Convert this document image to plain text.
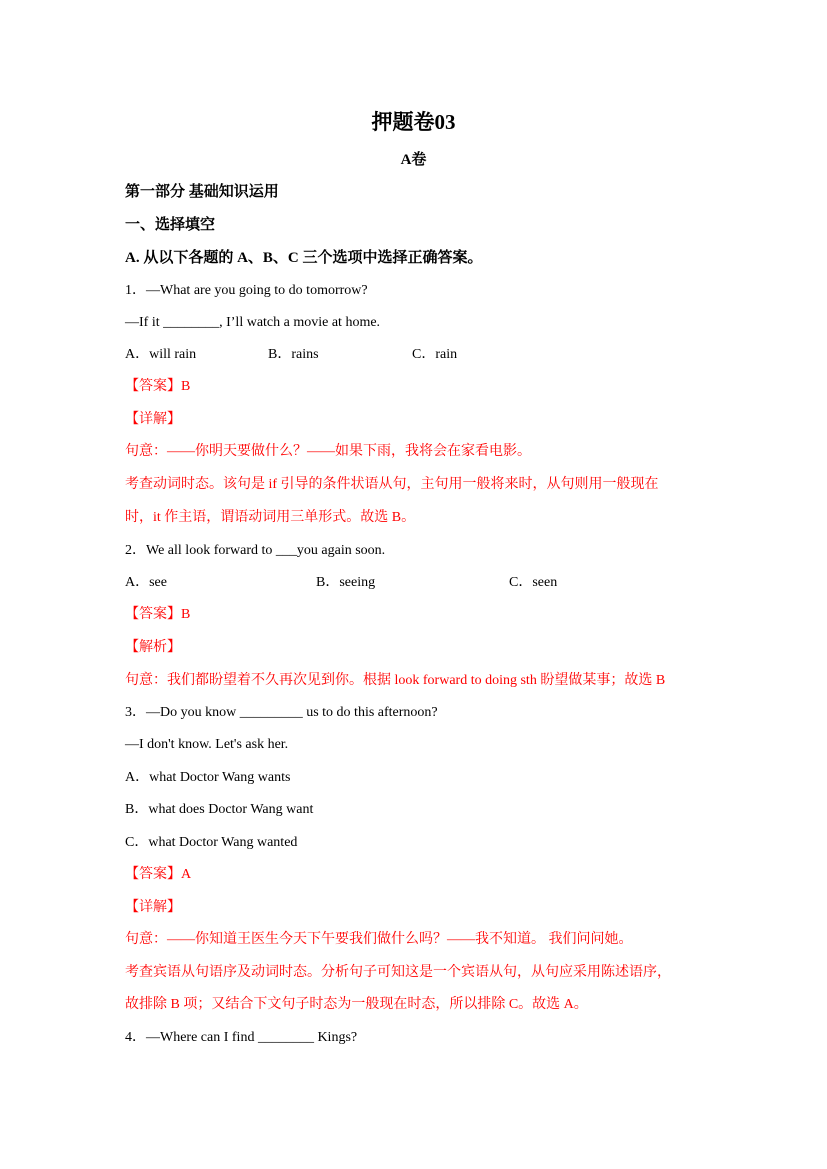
押题卷03
A卷
第一部分 基础知识运用
一、选择填空
A. 从以下各题的 A、B、C 三个选项中选择正确答案。
1．—What are you going to do tomorrow?
—If it ________, I’ll watch a movie at home.
A．will rain	B．rains	C．rain
【答案】B
【详解】
句意：——你明天要做什么？——如果下雨，我将会在家看电影。
考查动词时态。该句是 if 引导的条件状语从句，主句用一般将来时，从句则用一般现在
时，it 作主语，谓语动词用三单形式。故选 B。
2．We all look forward to ___you again soon.
A．see	B．seeing	C．seen
【答案】B
【解析】
句意：我们都盼望着不久再次见到你。根据 look forward to doing sth 盼望做某事；故选 B
3．—Do you know _________ us to do this afternoon?
—I don't know. Let's ask her.
A．what Doctor Wang wants
B．what does Doctor Wang want
C．what Doctor Wang wanted
【答案】A
【详解】
句意：——你知道王医生今天下午要我们做什么吗？——我不知道。 我们问问她。
考查宾语从句语序及动词时态。分析句子可知这是一个宾语从句，从句应采用陈述语序，
故排除 B 项；又结合下文句子时态为一般现在时态，所以排除 C。故选 A。
4．—Where can I find ________ Kings?
